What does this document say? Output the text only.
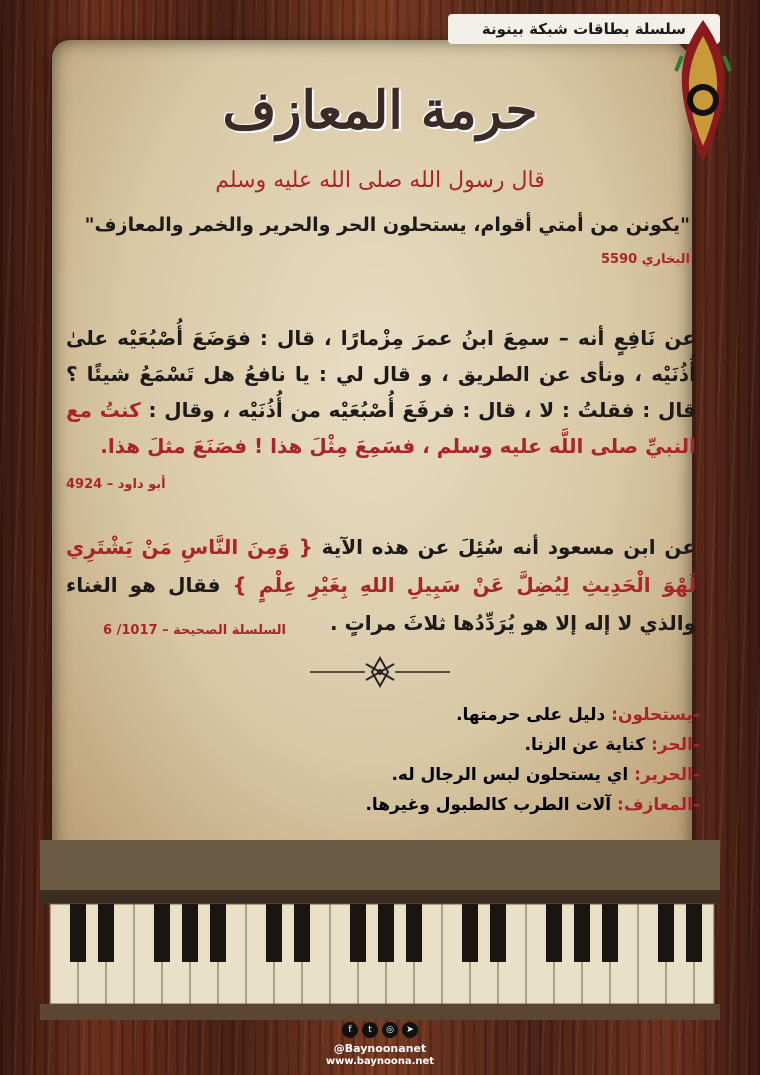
سلسلة بطاقات شبكة بينونة
حرمة المعازف
قال رسول الله صلى الله عليه وسلم
"يكونن من أمتي أقوام، يستحلون الحر والحرير والخمر والمعازف"
البخاري 5590
عن نَافِعٍ أنه – سمِعَ ابنُ عمرَ مِزْمارًا ، قال : فوَضَعَ أُصْبُعَيْه علىٰ أُذُنَيْه ، ونأى عن الطريق ، و قال لي : يا نافعُ هل تَسْمَعُ شيئًا ؟ قال : فقلتُ : لا ، قال : فرفَعَ أُصْبُعَيْه من أُذُنَيْه ، وقال : كنتُ مع النبيِّ صلى اللَّه عليه وسلم ، فسَمِعَ مِثْلَ هذا ! فصَنَعَ مثلَ هذا.
أبو داود – 4924
عن ابن مسعود أنه سُئِلَ عن هذه الآية { وَمِنَ النَّاسِ مَنْ يَشْتَرِي لَهْوَ الْحَدِيثِ لِيُضِلَّ عَنْ سَبِيلِ اللهِ بِغَيْرِ عِلْمٍ } فقال هو الغناء والذي لا إله إلا هو يُرَدِّدُها ثلاثَ مراتٍ .
السلسلة الصحيحة – 1017/ 6
-يستحلون: دليل على حرمتها.
-الحر: كناية عن الزنا.
-الحرير: اي يستحلون لبس الرجال له.
-المعازف: آلات الطرب كالطبول وغيرها.
f	t	◎	➤
@Baynoonanet
www.baynoona.net
